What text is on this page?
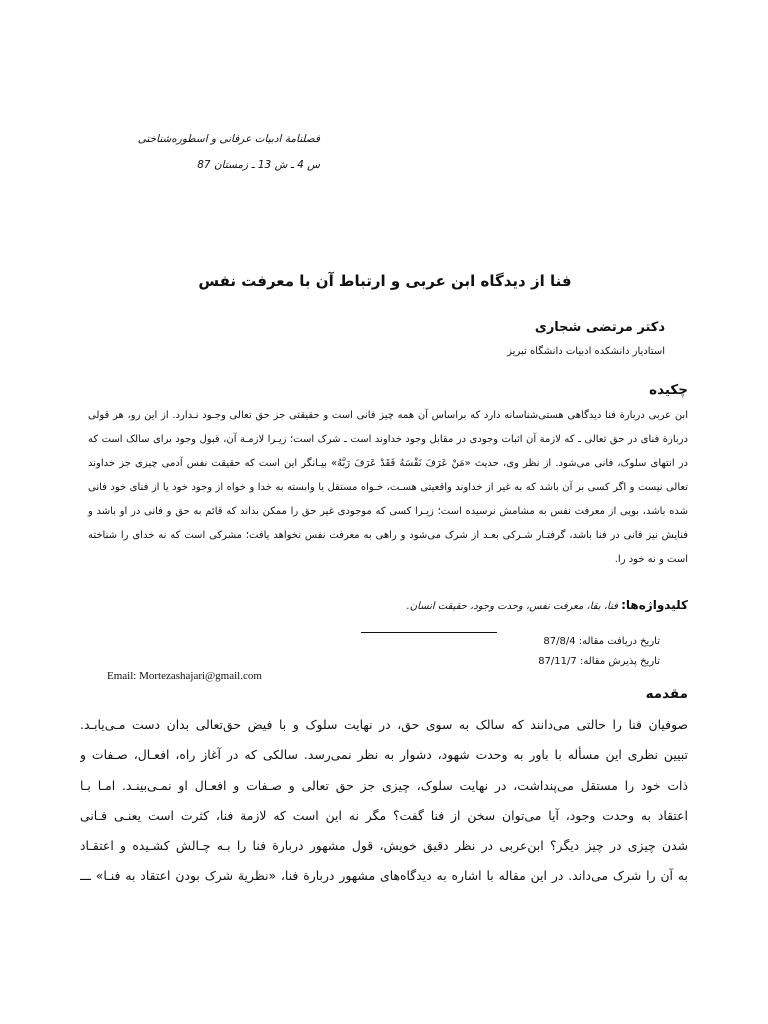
فصلنامة ادبیات عرفانی و اسطوره‌شناختی
س 4 ـ ش 13 ـ زمستان 87
فنا از دیدگاه ابن عربی و ارتباط آن با معرفت نفس
دکتر مرتضی شجاری
استادیار دانشکده ادبیات دانشگاه تبریز
چکیده
ابن عربی دربارة فنا دیدگاهی هستی‌شناسانه دارد که براساس آن همه چیز فانی است و حقیقتی جز حق تعالی وجـود نـدارد. از این رو، هر قولی دربارة فنای در حق تعالی ـ که لازمة آن اثبات وجودی در مقابل وجود خداوند است ـ شرک است؛ زیـرا لازمـة آن، قبول وجود برای سالک است که در انتهای سلوک، فانی می‌شود. از نظر وی، حدیث «مَنْ عَرَفَ نَفْسَهُ فَقَدْ عَرَفَ رَبَّهُ» بیـانگر این است که حقیقت نفس آدمی چیزی جز خداوند تعالی نیست و اگر کسی بر آن باشد که به غیر از خداوند واقعیتی هسـت، خـواه مستقل یا وابسته به خدا و خواه از وجود خود یا از فنای خود فانی شده باشد، بویی از معرفت نفس به مشامش نرسیده است؛ زیـرا کسی که موجودی غیر حق را ممکن بداند که قائم به حق و فانی در او باشد و فنایش نیز فانی در فنا باشد، گرفتـار شـرکی بعـد از شرک می‌شود و راهی به معرفت نفس نخواهد یافت؛ مشرکی است که نه خدای را شناخته است و نه خود را.
کلیدواژه‌ها: فنا، بقا، معرفت نفس، وحدت وجود، حقیقت انسان.
تاریخ دریافت مقاله: 87/8/4
تاریخ پذیرش مقاله: 87/11/7
Email: Mortezashajari@gmail.com
مقدمه
صوفیان فنا را حالتی می‌دانند که سالک به سوی حق، در نهایت سلوک و با فیض حق‌تعالی بدان دست مـی‌یابـد.
تبیین نظری این مسأله با باور به وحدت شهود، دشوار به نظر نمی‌رسد. سالکی که در آغاز راه، افعـال، صـفات و
ذات خود را مستقل می‌پنداشت، در نهایت سلوک، چیزی جز حق تعالی و صـفات و افعـال او نمـی‌بینـد. امـا بـا
اعتقاد به وحدت وجود، آیا می‌توان سخن از فنا گفت؟ مگر نه این است که لازمة فنا، کثرت است یعنـی فـانی
شدن چیزی در چیز دیگر؟ ابن‌عربی در نظر دقیق خویش، قول مشهور دربارة فنا را بـه چـالش کشـیده و اعتقـاد
به آن را شرک می‌داند. در این مقاله با اشاره به دیدگاه‌های مشهور دربارة فنا، «نظریة شرک بودن اعتقاد به فنـا» ـــ
